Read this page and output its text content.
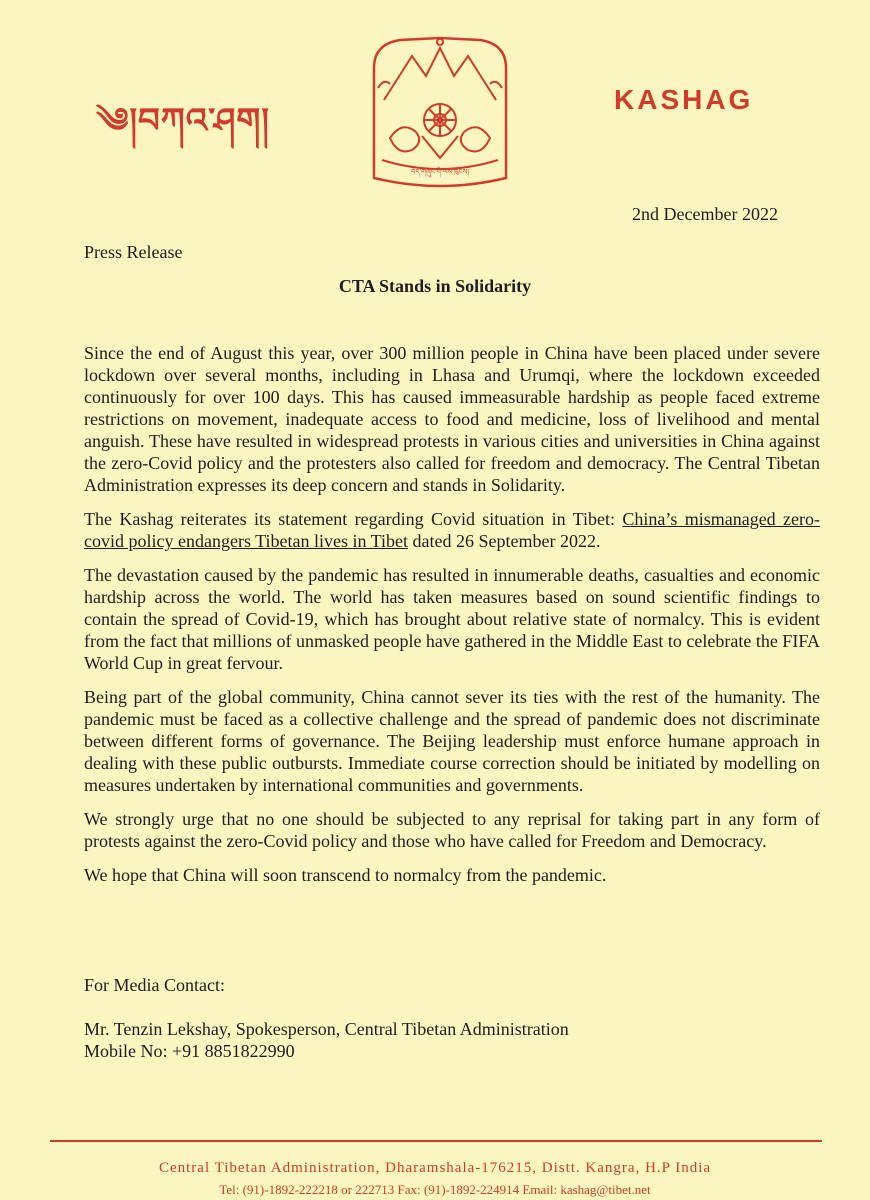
༄།བཀའ་ཤག།
བོད་གཞུང་གི་ལས་ཁུངས།
KASHAG
2nd December 2022
Press Release
CTA Stands in Solidarity

Since the end of August this year, over 300 million people in China have been placed under severe lockdown over several months, including in Lhasa and Urumqi, where the lockdown exceeded continuously for over 100 days. This has caused immeasurable hardship as people faced extreme restrictions on movement, inadequate access to food and medicine, loss of livelihood and mental anguish. These have resulted in widespread protests in various cities and universities in China against the zero-Covid policy and the protesters also called for freedom and democracy. The Central Tibetan Administration expresses its deep concern and stands in Solidarity.

The Kashag reiterates its statement regarding Covid situation in Tibet: China’s mismanaged zero-covid policy endangers Tibetan lives in Tibet dated 26 September 2022.

The devastation caused by the pandemic has resulted in innumerable deaths, casualties and economic hardship across the world. The world has taken measures based on sound scientific findings to contain the spread of Covid-19, which has brought about relative state of normalcy. This is evident from the fact that millions of unmasked people have gathered in the Middle East to celebrate the FIFA World Cup in great fervour.

Being part of the global community, China cannot sever its ties with the rest of the humanity. The pandemic must be faced as a collective challenge and the spread of pandemic does not discriminate between different forms of governance. The Beijing leadership must enforce humane approach in dealing with these public outbursts. Immediate course correction should be initiated by modelling on measures undertaken by international communities and governments.

We strongly urge that no one should be subjected to any reprisal for taking part in any form of protests against the zero-Covid policy and those who have called for Freedom and Democracy.

We hope that China will soon transcend to normalcy from the pandemic.

For Media Contact:
Mr. Tenzin Lekshay, Spokesperson, Central Tibetan Administration
Mobile No: +91 8851822990
Central Tibetan Administration, Dharamshala-176215, Distt. Kangra, H.P India
Tel: (91)-1892-222218 or 222713 Fax: (91)-1892-224914 Email: kashag@tibet.net
